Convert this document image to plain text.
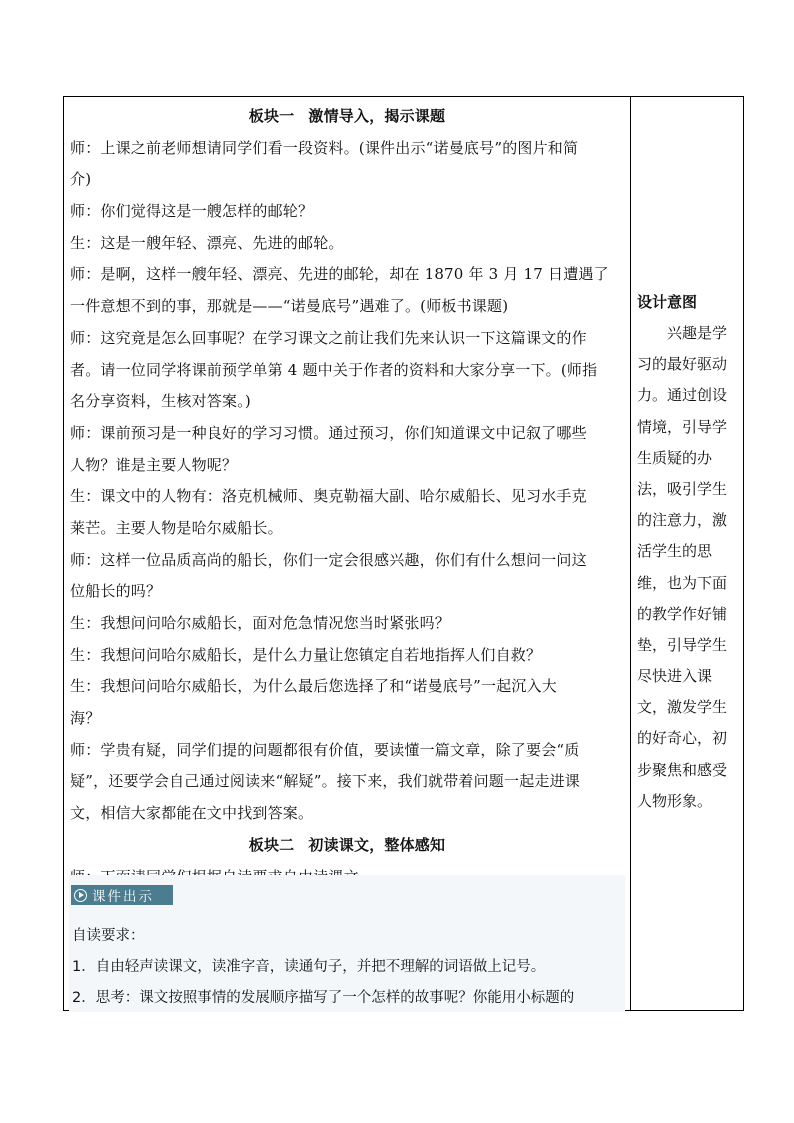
板块一 激情导入，揭示课题
师：上课之前老师想请同学们看一段资料。(课件出示“诺曼底号”的图片和简
介)
师：你们觉得这是一艘怎样的邮轮？
生：这是一艘年轻、漂亮、先进的邮轮。
师：是啊，这样一艘年轻、漂亮、先进的邮轮，却在 1870 年 3 月 17 日遭遇了
一件意想不到的事，那就是——“诺曼底号”遇难了。(师板书课题)
师：这究竟是怎么回事呢？在学习课文之前让我们先来认识一下这篇课文的作
者。请一位同学将课前预学单第 4 题中关于作者的资料和大家分享一下。(师指
名分享资料，生核对答案。)
师：课前预习是一种良好的学习习惯。通过预习，你们知道课文中记叙了哪些
人物？谁是主要人物呢？
生：课文中的人物有：洛克机械师、奥克勒福大副、哈尔威船长、见习水手克
莱芒。主要人物是哈尔威船长。
师：这样一位品质高尚的船长，你们一定会很感兴趣，你们有什么想问一问这
位船长的吗？
生：我想问问哈尔威船长，面对危急情况您当时紧张吗？
生：我想问问哈尔威船长，是什么力量让您镇定自若地指挥人们自救？
生：我想问问哈尔威船长，为什么最后您选择了和“诺曼底号”一起沉入大
海？
师：学贵有疑，同学们提的问题都很有价值，要读懂一篇文章，除了要会“质
疑”，还要学会自己通过阅读来“解疑”。接下来，我们就带着问题一起走进课
文，相信大家都能在文中找到答案。
板块二 初读课文，整体感知
课件出示
自读要求：
1．自由轻声读课文，读准字音，读通句子，并把不理解的词语做上记号。
2．思考：课文按照事情的发展顺序描写了一个怎样的故事呢？你能用小标题的
设计意图
　　兴趣是学
习的最好驱动
力。通过创设
情境，引导学
生质疑的办
法，吸引学生
的注意力，激
活学生的思
维，也为下面
的教学作好铺
垫，引导学生
尽快进入课
文，激发学生
的好奇心，初
步聚焦和感受
人物形象。
